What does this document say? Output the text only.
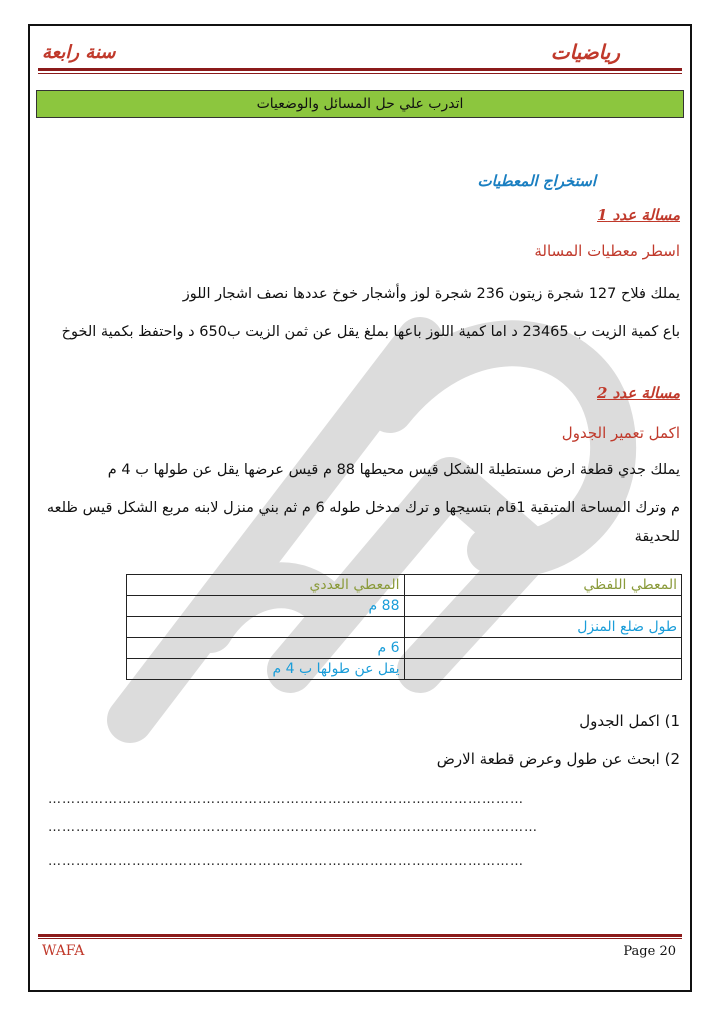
سنة رابعة	رياضيات
اتدرب علي حل المسائل والوضعيات
استخراج المعطيات
مسالة عدد 1
اسطر معطيات المسالة
يملك فلاح 127 شجرة زيتون 236 شجرة لوز وأشجار خوخ عددها نصف اشجار اللوز
باع كمية الزيت ب 23465 د اما كمية اللوز باعها بملغ يقل عن ثمن الزيت ب650 د واحتفظ بكمية الخوخ
مسالة عدد 2
اكمل تعمير الجدول
يملك جدي قطعة ارض مستطيلة الشكل قيس محيطها 88 م قيس عرضها يقل عن طولها ب 4 م
م وترك المساحة المتبقية 1قام بتسيجها و ترك مدخل طوله 6 م ثم بني منزل لابنه مربع الشكل قيس ظلعه للحديقة
المعطي اللفظي	المعطي العددي
	88 م
طول ضلع المنزل	
	6 م
	يقل عن طولها ب 4 م
1) اكمل الجدول
2) ابحث عن طول وعرض قطعة الارض
…………………………………………………………………………………………
……………………………………………………………………………………………
…………………………………………………………………………………………
WAFA	Page 20
